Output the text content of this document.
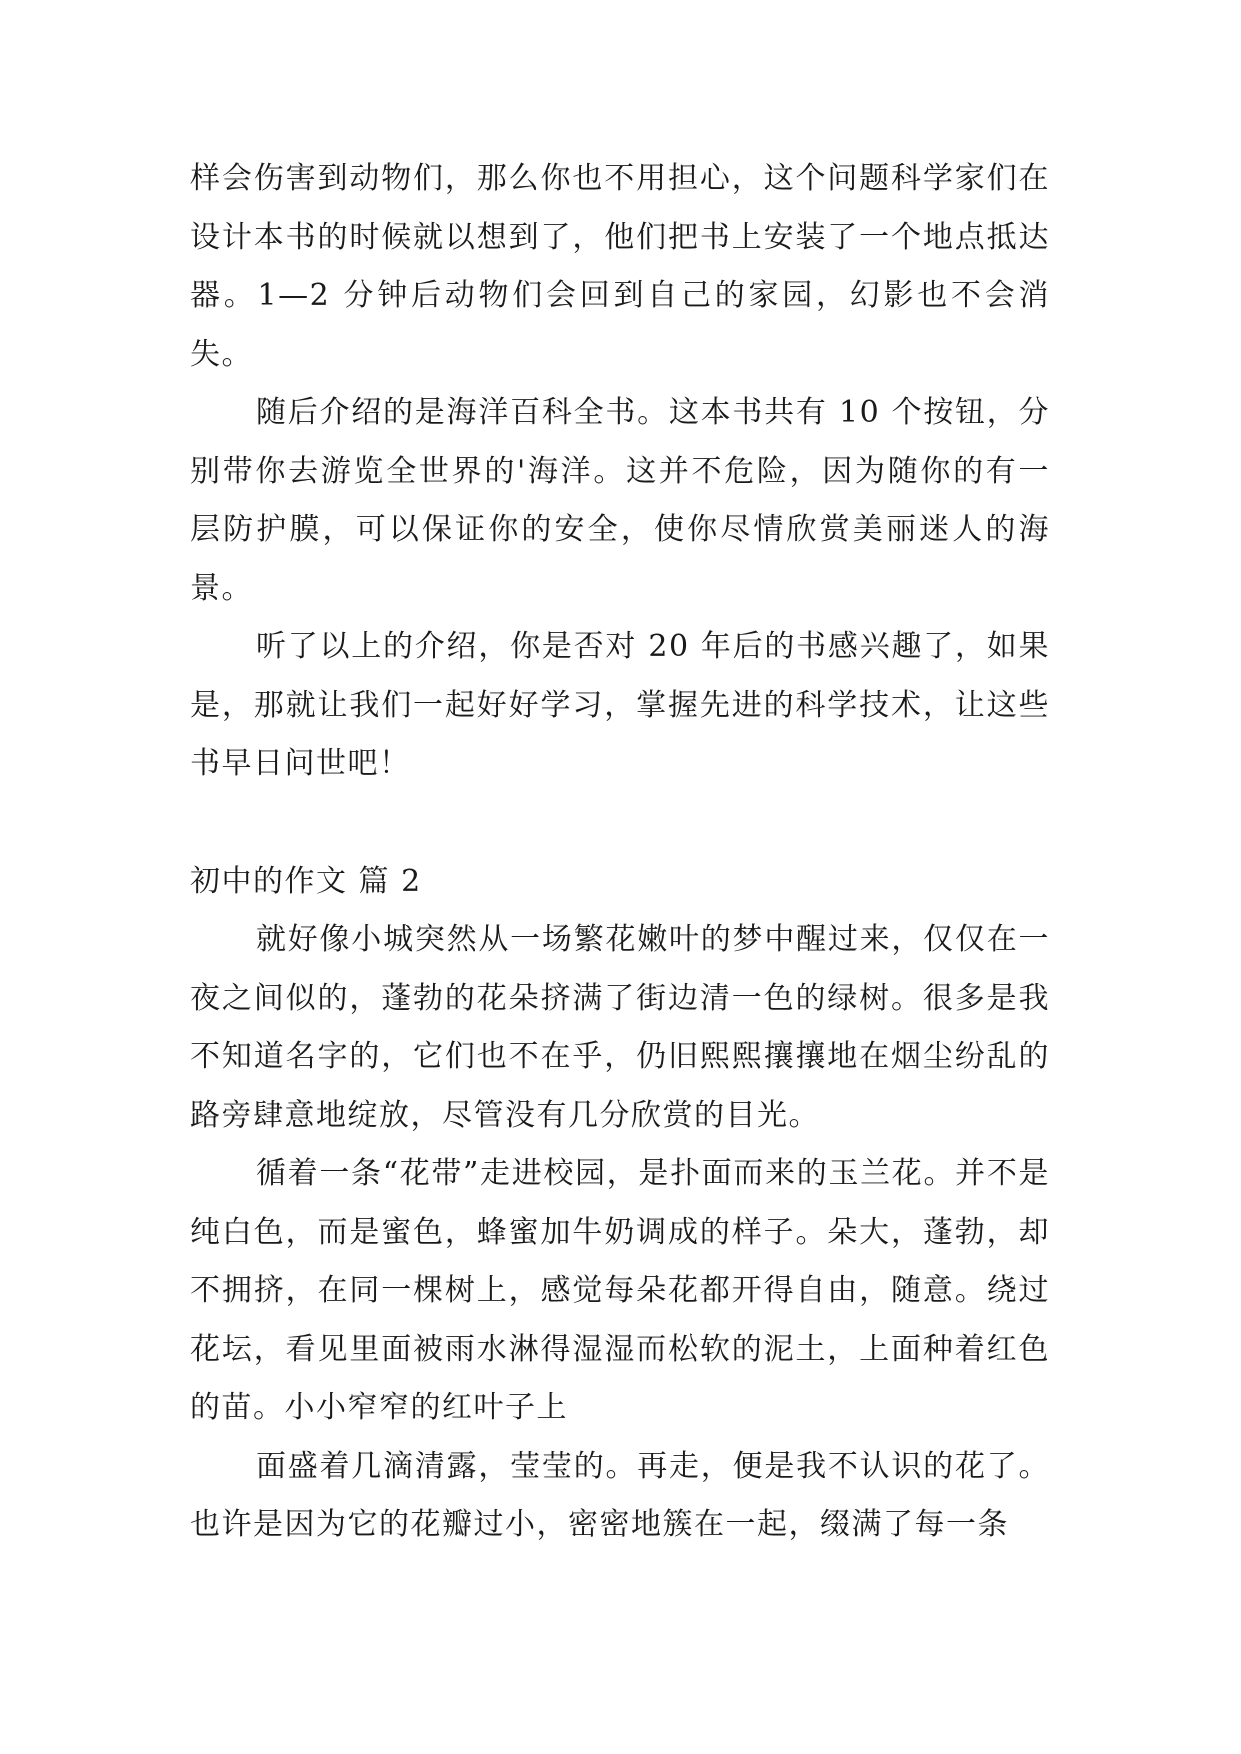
样会伤害到动物们，那么你也不用担心，这个问题科学家们在设计本书的时候就以想到了，他们把书上安装了一个地点抵达器。1—2 分钟后动物们会回到自己的家园，幻影也不会消失。

随后介绍的是海洋百科全书。这本书共有 10 个按钮，分别带你去游览全世界的'海洋。这并不危险，因为随你的有一层防护膜，可以保证你的安全，使你尽情欣赏美丽迷人的海景。

听了以上的介绍，你是否对 20 年后的书感兴趣了，如果是，那就让我们一起好好学习，掌握先进的科学技术，让这些书早日问世吧！

初中的作文 篇 2

就好像小城突然从一场繁花嫩叶的梦中醒过来，仅仅在一夜之间似的，蓬勃的花朵挤满了街边清一色的绿树。很多是我不知道名字的，它们也不在乎，仍旧熙熙攘攘地在烟尘纷乱的路旁肆意地绽放，尽管没有几分欣赏的目光。

循着一条“花带”走进校园，是扑面而来的玉兰花。并不是纯白色，而是蜜色，蜂蜜加牛奶调成的样子。朵大，蓬勃，却不拥挤，在同一棵树上，感觉每朵花都开得自由，随意。绕过花坛，看见里面被雨水淋得湿湿而松软的泥土，上面种着红色的苗。小小窄窄的红叶子上

面盛着几滴清露，莹莹的。再走，便是我不认识的花了。也许是因为它的花瓣过小，密密地簇在一起，缀满了每一条
